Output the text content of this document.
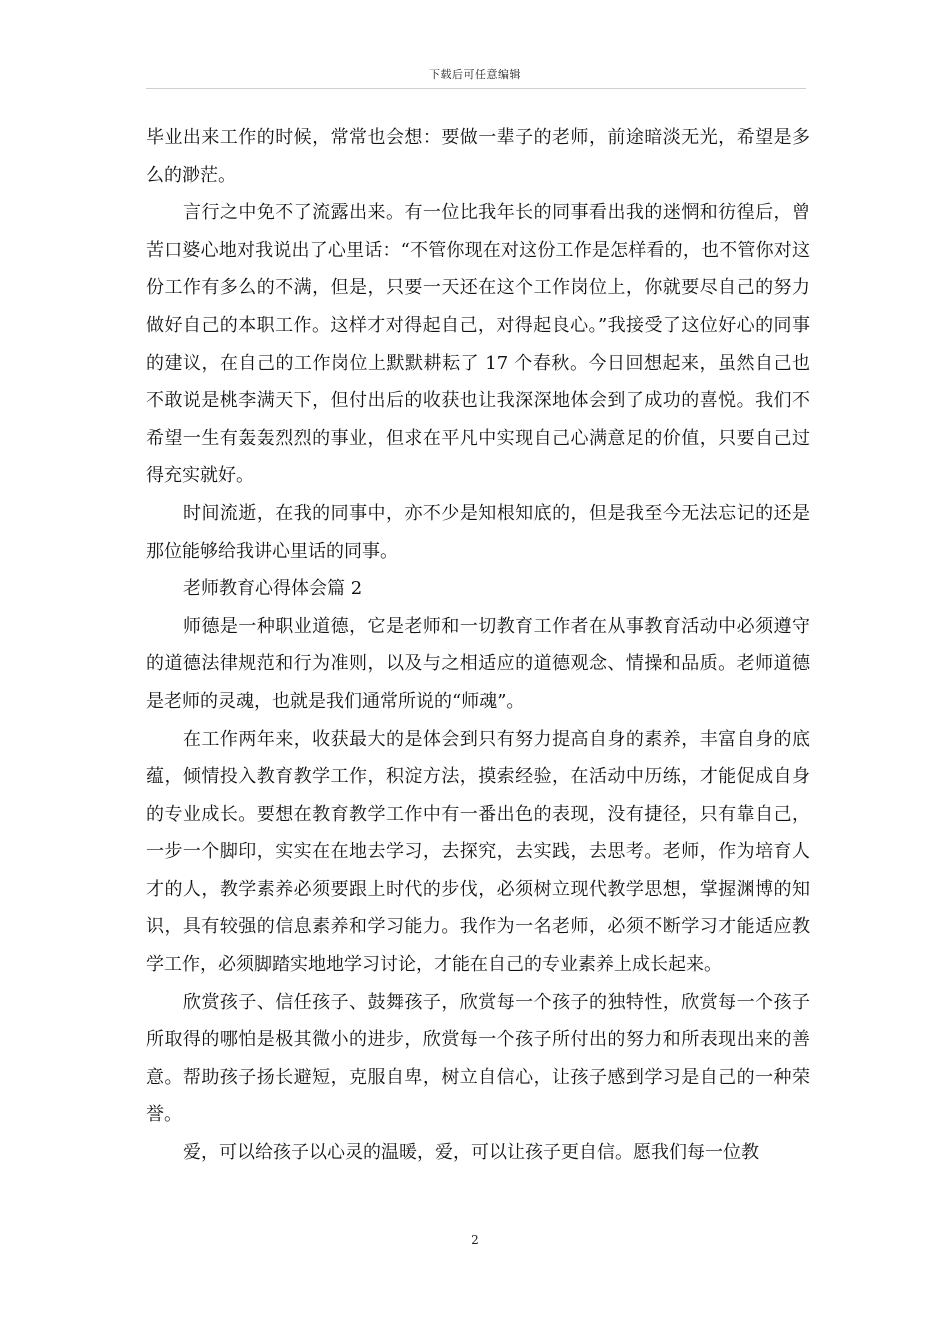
下载后可任意编辑

毕业出来工作的时候，常常也会想：要做一辈子的老师，前途暗淡无光，希望是多么的渺茫。

言行之中免不了流露出来。有一位比我年长的同事看出我的迷惘和彷徨后，曾苦口婆心地对我说出了心里话：“不管你现在对这份工作是怎样看的，也不管你对这份工作有多么的不满，但是，只要一天还在这个工作岗位上，你就要尽自己的努力做好自己的本职工作。这样才对得起自己，对得起良心。”我接受了这位好心的同事的建议，在自己的工作岗位上默默耕耘了 17 个春秋。今日回想起来，虽然自己也不敢说是桃李满天下，但付出后的收获也让我深深地体会到了成功的喜悦。我们不希望一生有轰轰烈烈的事业，但求在平凡中实现自己心满意足的价值，只要自己过得充实就好。

时间流逝，在我的同事中，亦不少是知根知底的，但是我至今无法忘记的还是那位能够给我讲心里话的同事。

老师教育心得体会篇 2

师德是一种职业道德，它是老师和一切教育工作者在从事教育活动中必须遵守的道德法律规范和行为准则，以及与之相适应的道德观念、情操和品质。老师道德是老师的灵魂，也就是我们通常所说的“师魂”。

在工作两年来，收获最大的是体会到只有努力提高自身的素养，丰富自身的底蕴，倾情投入教育教学工作，积淀方法，摸索经验，在活动中历练，才能促成自身的专业成长。要想在教育教学工作中有一番出色的表现，没有捷径，只有靠自己，一步一个脚印，实实在在地去学习，去探究，去实践，去思考。老师，作为培育人才的人，教学素养必须要跟上时代的步伐，必须树立现代教学思想，掌握渊博的知识，具有较强的信息素养和学习能力。我作为一名老师，必须不断学习才能适应教学工作，必须脚踏实地地学习讨论，才能在自己的专业素养上成长起来。

欣赏孩子、信任孩子、鼓舞孩子，欣赏每一个孩子的独特性，欣赏每一个孩子所取得的哪怕是极其微小的进步，欣赏每一个孩子所付出的努力和所表现出来的善意。帮助孩子扬长避短，克服自卑，树立自信心，让孩子感到学习是自己的一种荣誉。

爱，可以给孩子以心灵的温暖，爱，可以让孩子更自信。愿我们每一位教

2
